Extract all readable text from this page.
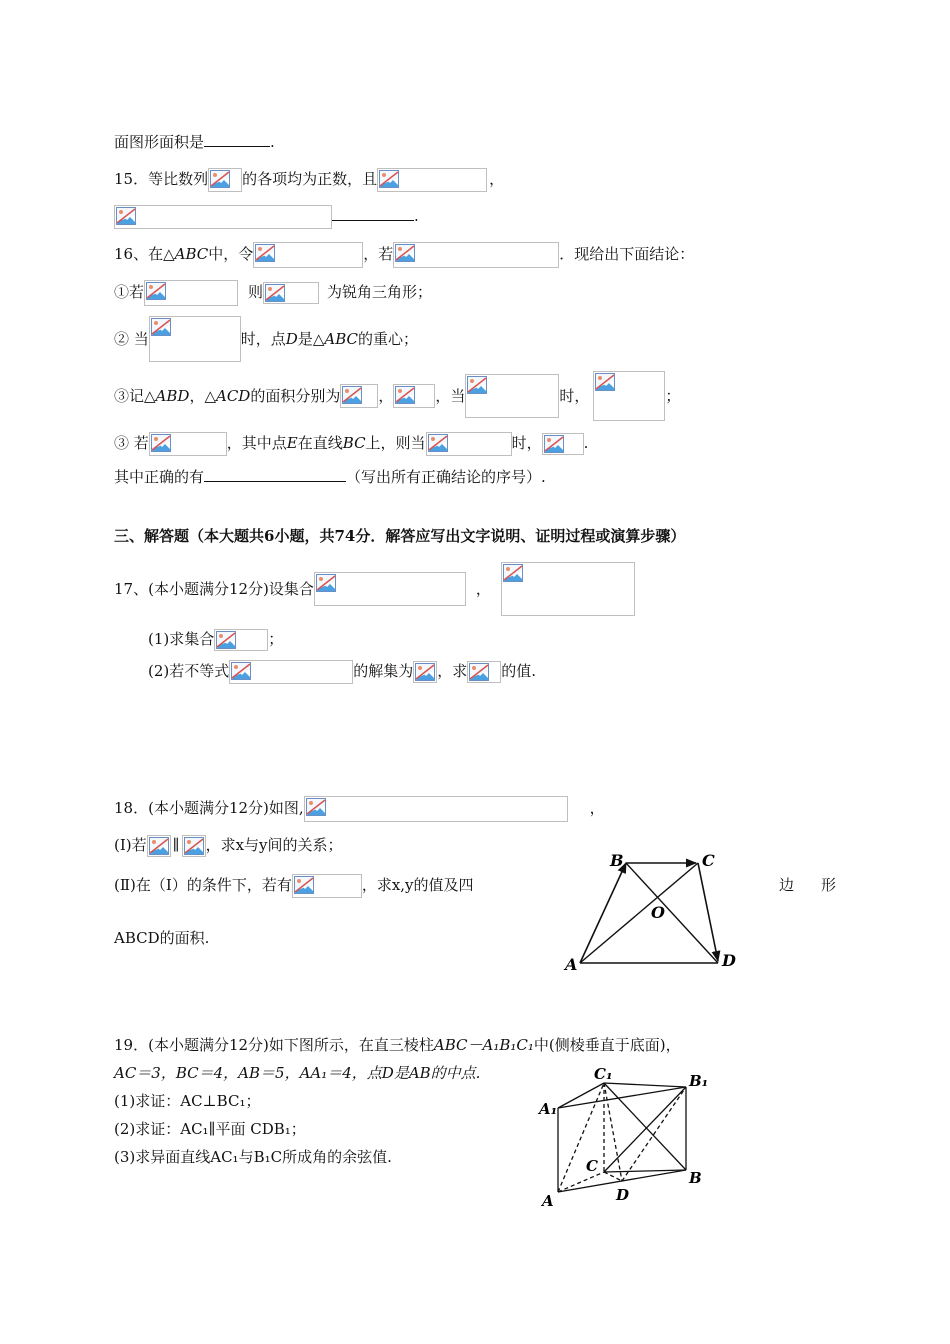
面图形面积是	.
15．等比数列 的各项均为正数，且	，
.
16、在△ABC中，令	，若	．现给出下面结论：
①若	则	为锐角三角形；
② 当	时，点D是△ABC的重心；
③记△ABD，△ACD的面积分别为	，	，当	时，	；
③ 若	，其中点E在直线BC上，则当	时，	.
其中正确的有	（写出所有正确结论的序号）.
三、解答题（本大题共6小题，共74分．解答应写出文字说明、证明过程或演算步骤）
17、(本小题满分12分)设集合	，
(1)求集合	；
(2)若不等式	的解集为 ，求 的值.
18．(本小题满分12分)如图,	，
(Ⅰ)若 ∥ ，求x与y间的关系；
(Ⅱ)在（Ⅰ）的条件下，若有	，求x,y的值及四	边 形
ABCD的面积.
B	C
O
A	D
19．(本小题满分12分)如下图所示，在直三棱柱ABC－A₁B₁C₁中(侧棱垂直于底面)，
AC＝3，BC＝4，AB＝5，AA₁＝4，点D是AB的中点.
(1)求证：AC⊥BC₁；
(2)求证：AC₁∥平面 CDB₁；
(3)求异面直线AC₁与B₁C所成角的余弦值.
C₁	B₁
A₁
C
A	D
B
